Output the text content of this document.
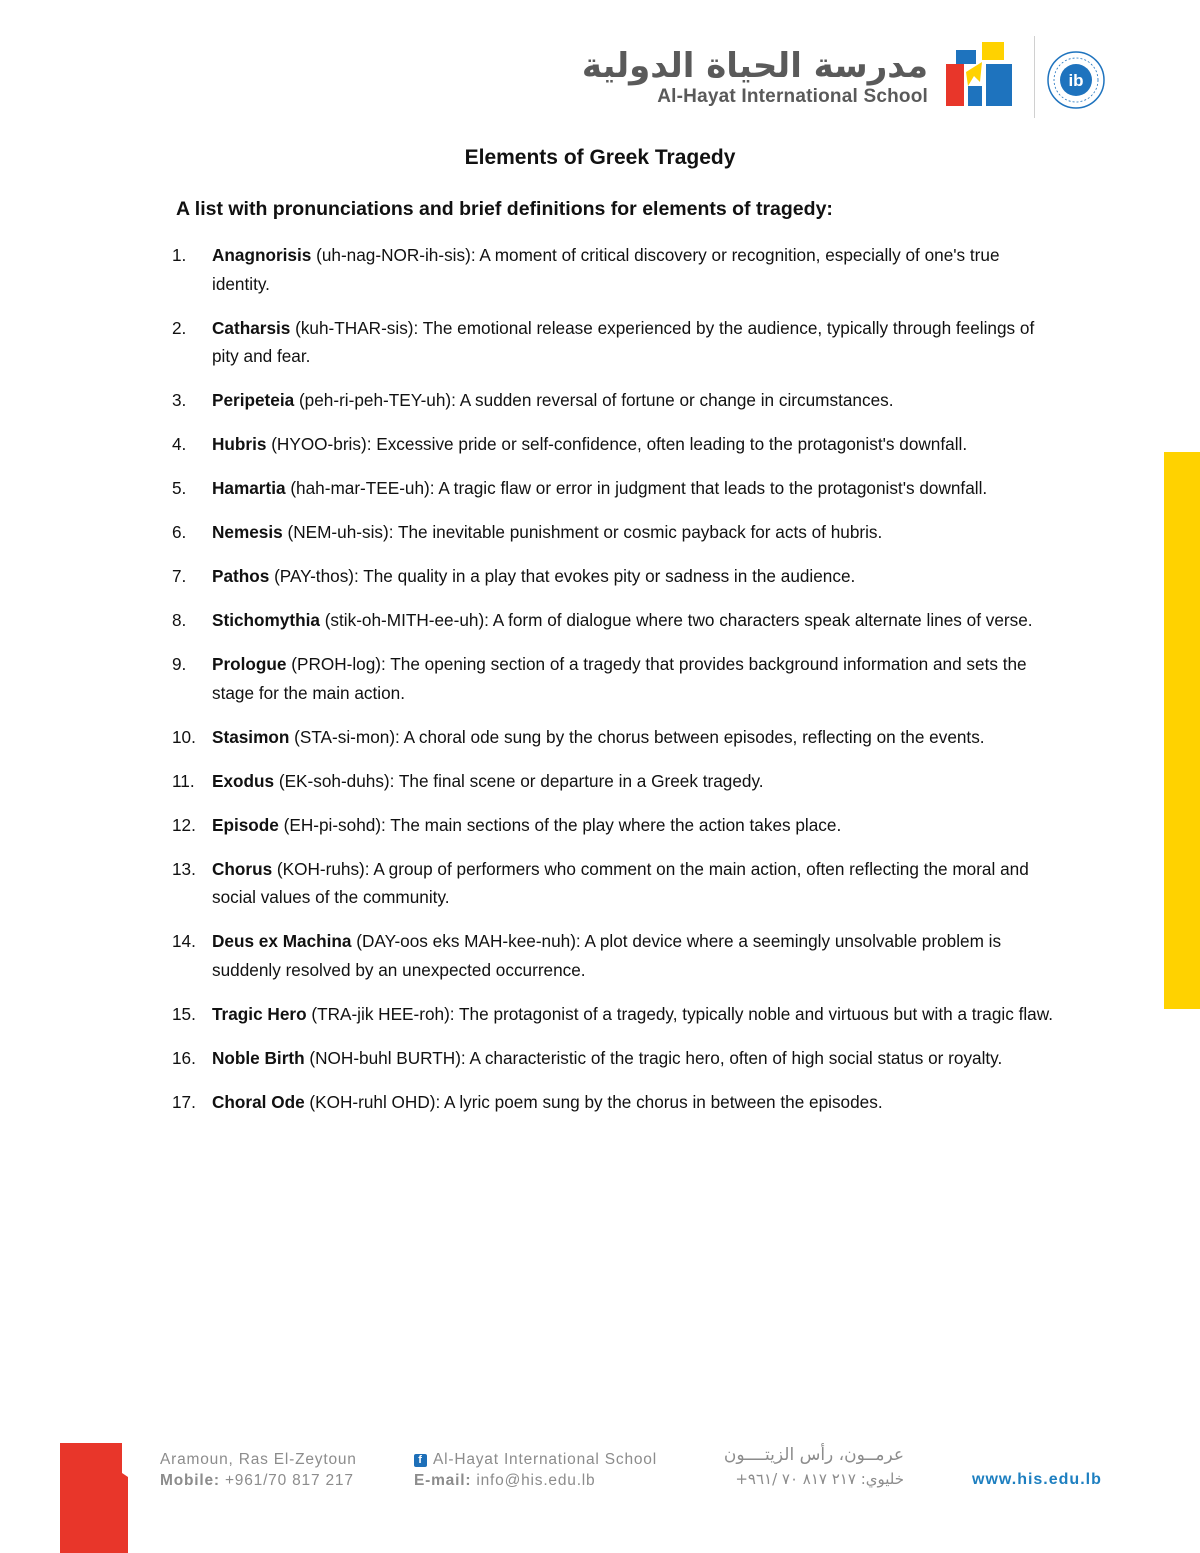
مدرسة الحياة الدولية
Al-Hayat International School
ib
Elements of Greek Tragedy
A list with pronunciations and brief definitions for elements of tragedy:
1. Anagnorisis (uh-nag-NOR-ih-sis): A moment of critical discovery or recognition, especially of one's true identity.
2. Catharsis (kuh-THAR-sis): The emotional release experienced by the audience, typically through feelings of pity and fear.
3. Peripeteia (peh-ri-peh-TEY-uh): A sudden reversal of fortune or change in circumstances.
4. Hubris (HYOO-bris): Excessive pride or self-confidence, often leading to the protagonist's downfall.
5. Hamartia (hah-mar-TEE-uh): A tragic flaw or error in judgment that leads to the protagonist's downfall.
6. Nemesis (NEM-uh-sis): The inevitable punishment or cosmic payback for acts of hubris.
7. Pathos (PAY-thos): The quality in a play that evokes pity or sadness in the audience.
8. Stichomythia (stik-oh-MITH-ee-uh): A form of dialogue where two characters speak alternate lines of verse.
9. Prologue (PROH-log): The opening section of a tragedy that provides background information and sets the stage for the main action.
10. Stasimon (STA-si-mon): A choral ode sung by the chorus between episodes, reflecting on the events.
11. Exodus (EK-soh-duhs): The final scene or departure in a Greek tragedy.
12. Episode (EH-pi-sohd): The main sections of the play where the action takes place.
13. Chorus (KOH-ruhs): A group of performers who comment on the main action, often reflecting the moral and social values of the community.
14. Deus ex Machina (DAY-oos eks MAH-kee-nuh): A plot device where a seemingly unsolvable problem is suddenly resolved by an unexpected occurrence.
15. Tragic Hero (TRA-jik HEE-roh): The protagonist of a tragedy, typically noble and virtuous but with a tragic flaw.
16. Noble Birth (NOH-buhl BURTH): A characteristic of the tragic hero, often of high social status or royalty.
17. Choral Ode (KOH-ruhl OHD): A lyric poem sung by the chorus in between the episodes.
Aramoun, Ras El-Zeytoun
Mobile: +961/70 817 217
f Al-Hayat International School
E-mail: info@his.edu.lb
عرمــون، رأس الزيتــــون
خليوي: ٢١٧ ٨١٧ ٧٠ /٩٦١+	www.his.edu.lb
